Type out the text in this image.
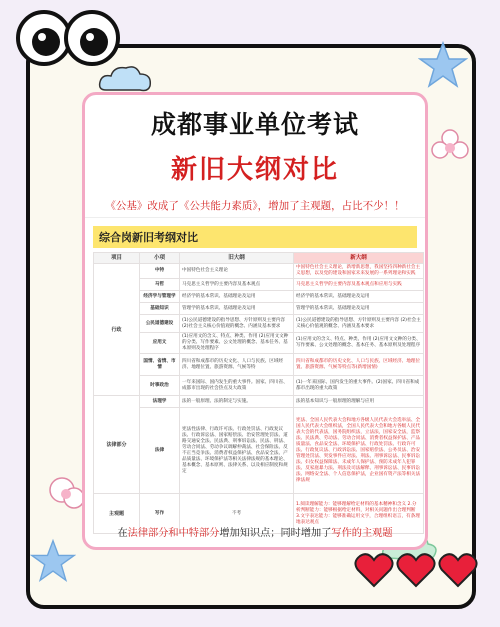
成都事业单位考试
新旧大纲对比
《公基》改成了《公共能力素质》，增加了主观题，占比不少！！
综合岗新旧考纲对比
项目	小项	旧大纲	新大纲
行政	中特	中国特色社会主义理论	中国特色社会主义理论，新增新思想，我国坚持四种新社会主义思想，以及党的建设和国家未来发展的一系列理论和实践
	马哲	马克思主义哲学的主要内容及基本观点	马克思主义哲学的主要内容及基本观点和应用与实践
	经济学与管理学	经济学的基本常识、基础理论及运用	经济学的基本常识、基础理论及运用
	基础知识	管理学的基本常识、基础理论及运用	管理学的基本常识、基础理论及运用
	公民道德建设	(1)公民道德建设的指导思想、方针原则及主要内容 (2)社会主义核心价值观的概念、内涵及基本要求	(1)公民道德建设的指导思想、方针原则及主要内容 (2)社会主义核心价值观的概念、内涵及基本要求
	应用文	(1)应用文的含义、特点、种类、作用 (2)应用文文种的分类、写作要素、公文处理的概念、基本任务、基本原则及处理程序	(1)应用文的含义、特点、种类、作用 (2)应用文文种的分类、写作要素、公文处理的概念、基本任务、基本原则及处理程序
	国情、省情、市情	四川省和成都市的历史文化、人口与民族、区域经济、地理位置、旅游资源、气候等特	四川省和成都市的历史文化、人口与民族、区域经济、地理位置、旅游资源、气候等特点等(新增国情)
	时事政治	一年来国际、国内发生的重大事件。国家、四川省、成都市出现的社会热点及大政策	(1)一年来国际、国内发生的重大事件。(2)国家、四川省和成都市出现的重大政策
法律部分	法理学	法的一般原理、法的制定与实施。	法的基本知识与一般原理的理解与应用
	法律	宪法性法律、行政许可法、行政处罚法、行政复议法、行政诉讼法、国家赔偿法、治安管理处罚法、道路交通安全法、民法典、刑事诉讼法、民法、刑法、劳动合同法、劳动争议调解仲裁法、社会保险法、反不正当竞争法、消费者权益保护法、食品安全法、产品质量法、环境保护法等相关法律法规的基本理论、基本概念、基本原则、法律关系、以及相应制度和规定	宪法、全国人民代表大会和地方各级人民代表大会选举法、全国人民代表大会组织法，全国人民代表大会和地方各级人民代表大会的代表法，国务院组织法，立法法，国家安全法，监察法、民法典、劳动法、劳动合同法、消费者权益保护法、产品质量法、食品安全法、环境保护法、行政处罚法、行政许可法、行政复议法、行政诉讼法、国家赔偿法、公务员法、治安管理处罚法、突发事件应对法、刑法、刑事诉讼法、民事诉讼法、妇女权益保障法、未成年人保护法、预防未成年人犯罪法、反家庭暴力法、刑法及司法解释、刑事诉讼法、民事诉讼法、网络安全法、个人信息保护法，企业国有资产法等相关法律法规
主观题	写作	不考	1.阅读理解能力：能够理解给定材料的基本精神和含义 2.分析判断能力：能够根据给定材料，对相关问题作出合理判断 3.文字表达能力：能够准确运用文字，合理组织语言，有条理地表达观点
在法律部分和中特部分增加知识点；同时增加了写作的主观题
